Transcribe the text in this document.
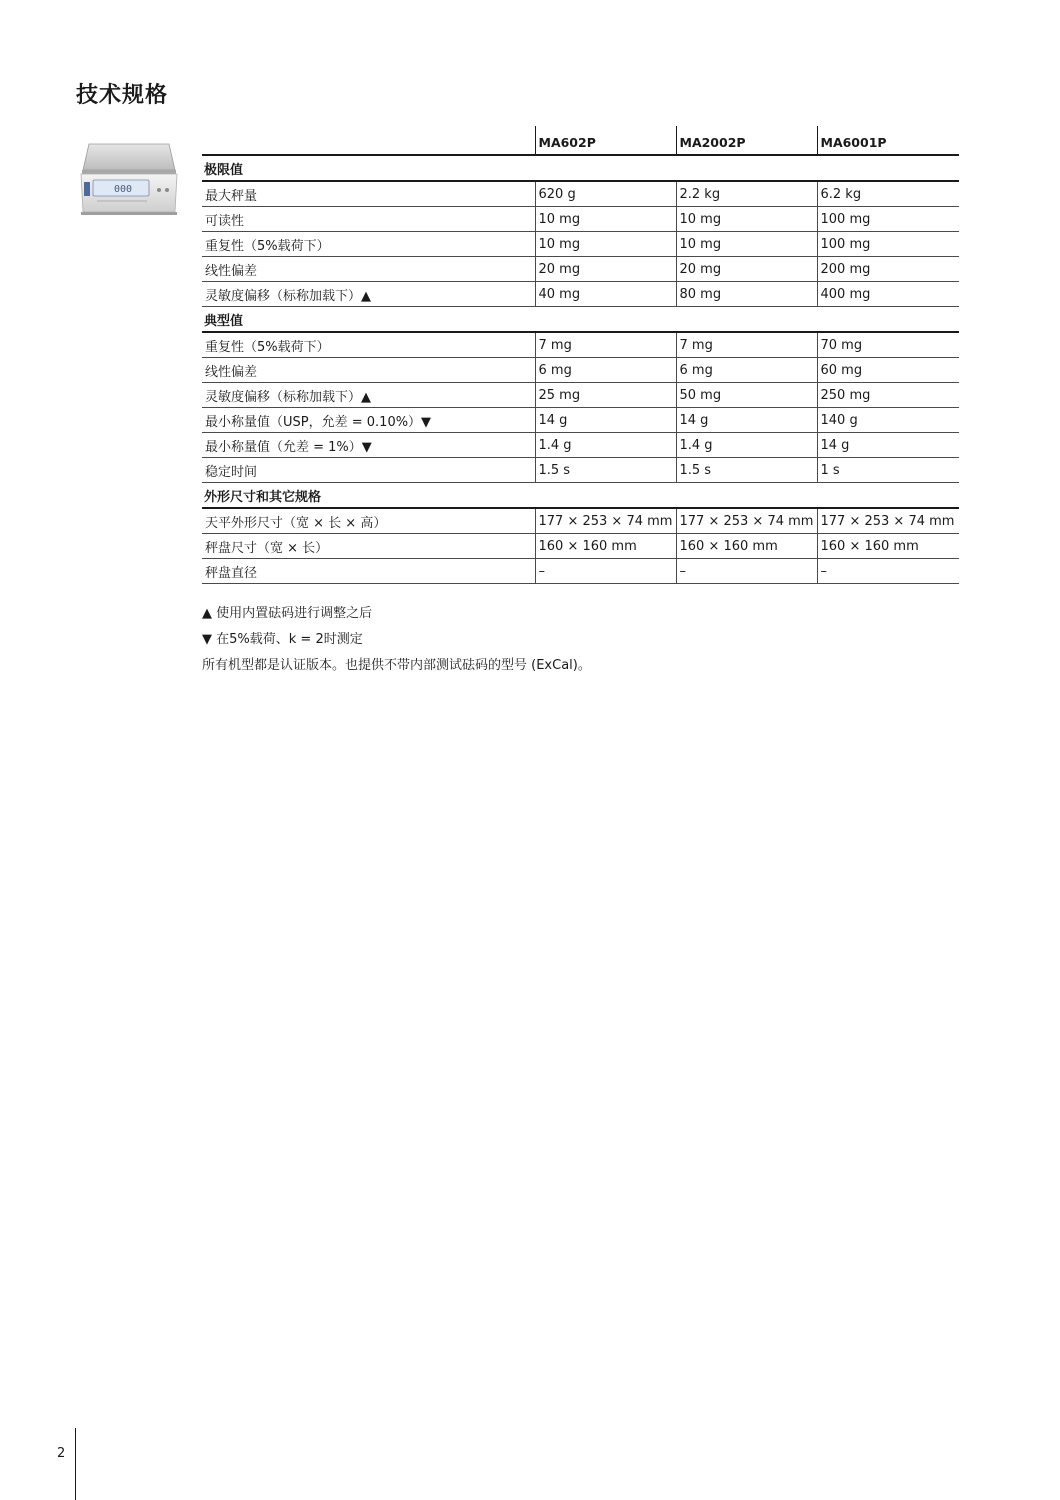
技术规格
000
	MA602P	MA2002P	MA6001P
极限值			
最大秤量	620 g	2.2 kg	6.2 kg
可读性	10 mg	10 mg	100 mg
重复性（5%载荷下）	10 mg	10 mg	100 mg
线性偏差	20 mg	20 mg	200 mg
灵敏度偏移（标称加载下）▲	40 mg	80 mg	400 mg
典型值			
重复性（5%载荷下）	7 mg	7 mg	70 mg
线性偏差	6 mg	6 mg	60 mg
灵敏度偏移（标称加载下）▲	25 mg	50 mg	250 mg
最小称量值（USP，允差 = 0.10%）▼	14 g	14 g	140 g
最小称量值（允差 = 1%）▼	1.4 g	1.4 g	14 g
稳定时间	1.5 s	1.5 s	1 s
外形尺寸和其它规格			
天平外形尺寸（宽 × 长 × 高）	177 × 253 × 74 mm	177 × 253 × 74 mm	177 × 253 × 74 mm
秤盘尺寸（宽 × 长）	160 × 160 mm	160 × 160 mm	160 × 160 mm
秤盘直径	–	–	–
▲ 使用内置砝码进行调整之后
▼ 在5%载荷、k = 2时测定
所有机型都是认证版本。也提供不带内部测试砝码的型号 (ExCal)。
2
